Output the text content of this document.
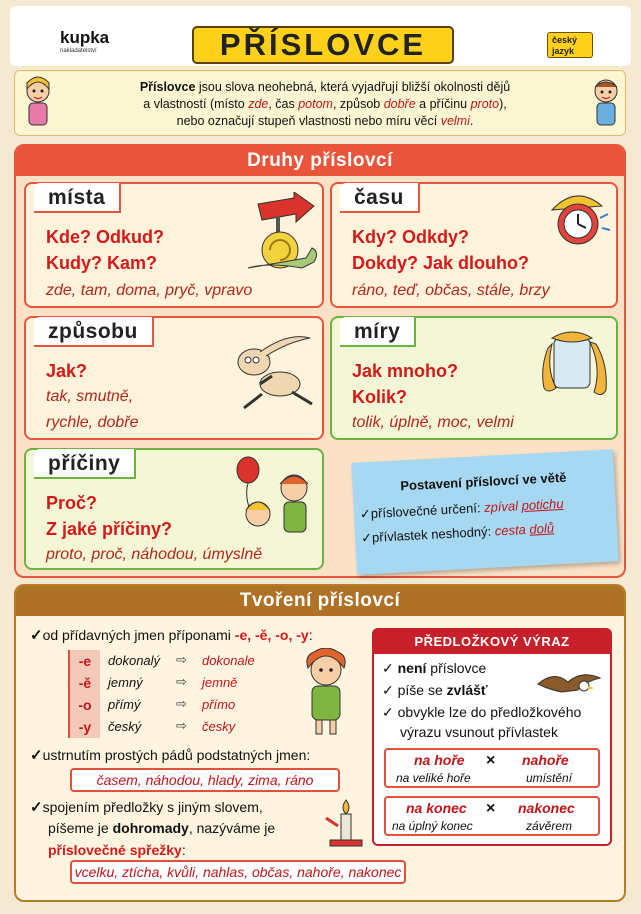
kupka
nakladatelství	PŘÍSLOVCE	český
jazyk
Příslovce jsou slova neohebná, která vyjadřují bližší okolnosti dějů
a vlastností (místo zde, čas potom, způsob dobře a příčinu proto),
nebo označují stupeň vlastnosti nebo míru věcí velmi.
Druhy příslovcí
místa
Kde? Odkud?
Kudy? Kam?
zde, tam, doma, pryč, vpravo
času
Kdy? Odkdy?
Dokdy? Jak dlouho?
ráno, teď, občas, stále, brzy
způsobu
Jak?
tak, smutně,
rychle, dobře
míry
Jak mnoho?
Kolik?
tolik, úplně, moc, velmi
příčiny
Proč?
Z jaké příčiny?
proto, proč, náhodou, úmyslně
Postavení příslovcí ve větě
✓příslovečné určení: zpíval potichu
✓přívlastek neshodný: cesta dolů
Tvoření příslovcí
✓od přídavných jmen příponami -e, -ě, -o, -y:
-e	dokonalý ⇨ dokonale
-ě	jemný	⇨ jemně
-o	přímý	⇨ přímo
-y	český	⇨ česky
✓ustrnutím prostých pádů podstatných jmen:
časem, náhodou, hlady, zima, ráno
✓spojením předložky s jiným slovem,
píšeme je dohromady, nazýváme je
příslovečné spřežky:
vcelku, ztícha, kvůli, nahlas, občas, nahoře, nakonec
PŘEDLOŽKOVÝ VÝRAZ
✓ není příslovce
✓ píše se zvlášť
✓ obvykle lze do předložkového
výrazu vsunout přívlastek
na hoře × nahoře
na veliké hoře	umístění
na konec × nakonec
na úplný konec	závěrem
